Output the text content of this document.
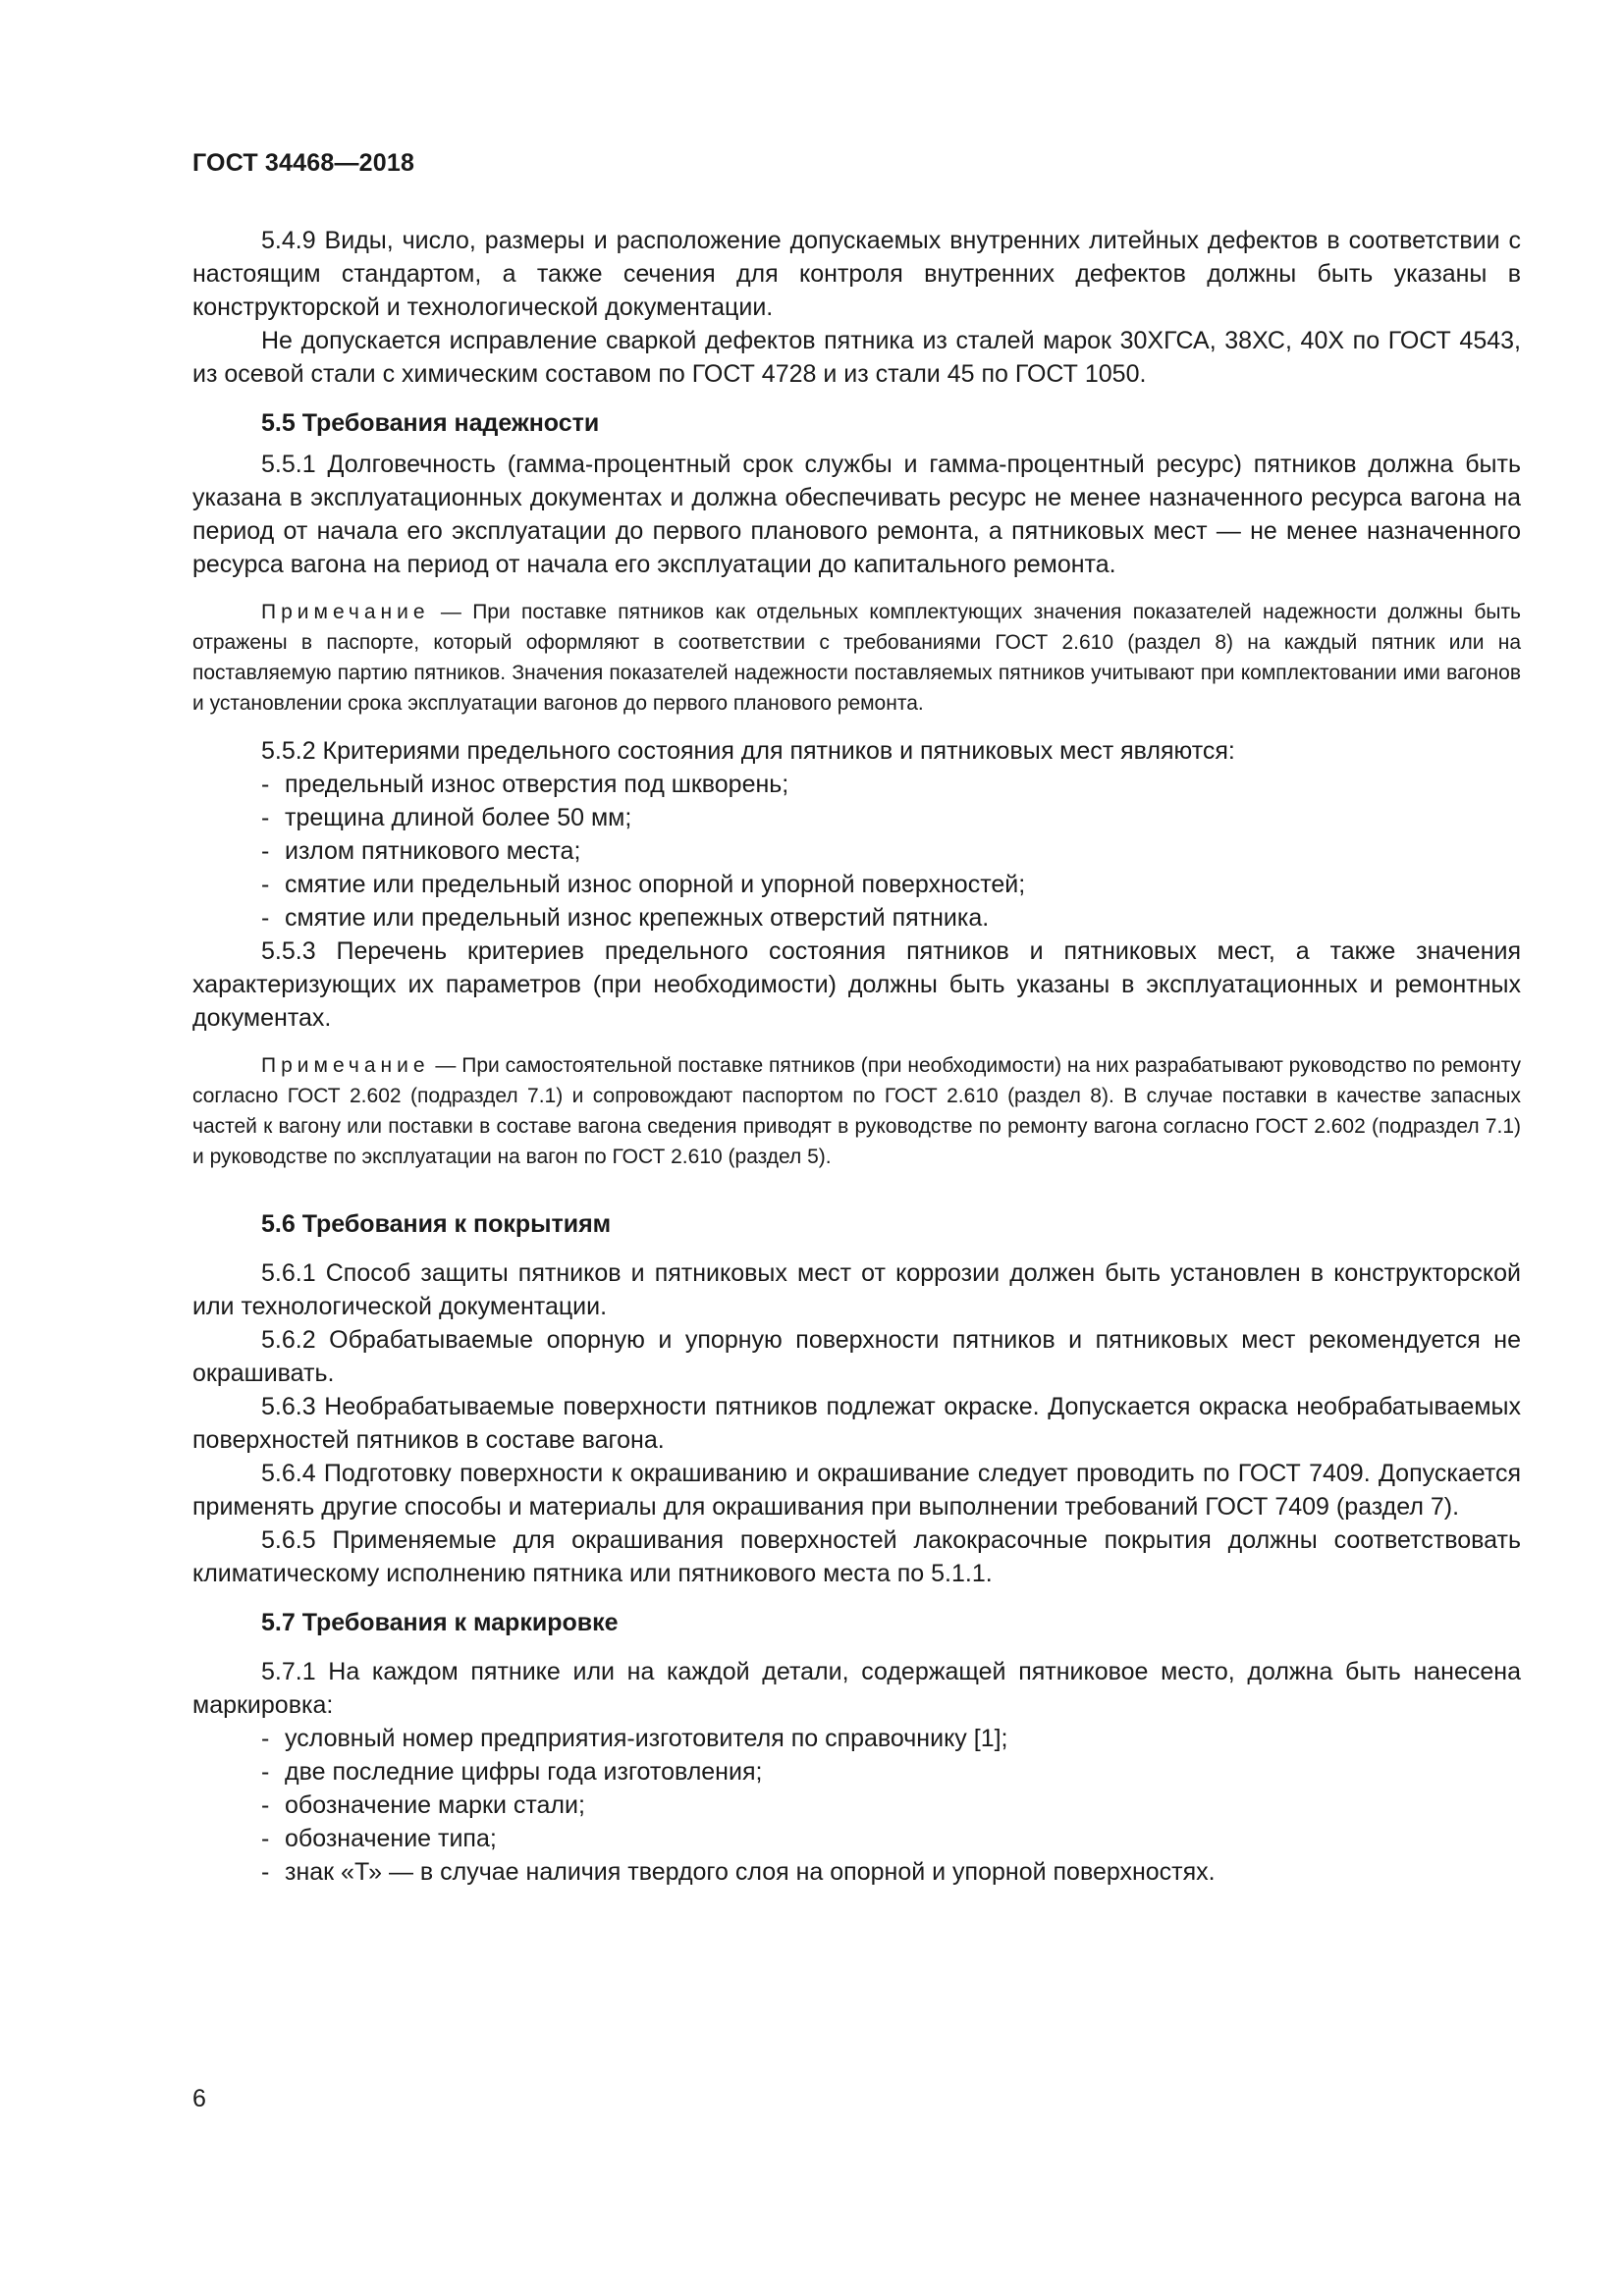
ГОСТ 34468—2018

5.4.9 Виды, число, размеры и расположение допускаемых внутренних литейных дефектов в соответствии с настоящим стандартом, а также сечения для контроля внутренних дефектов должны быть указаны в конструкторской и технологической документации.

Не допускается исправление сваркой дефектов пятника из сталей марок 30ХГСА, 38ХС, 40Х по ГОСТ 4543, из осевой стали с химическим составом по ГОСТ 4728 и из стали 45 по ГОСТ 1050.

5.5 Требования надежности

5.5.1 Долговечность (гамма-процентный срок службы и гамма-процентный ресурс) пятников должна быть указана в эксплуатационных документах и должна обеспечивать ресурс не менее назначенного ресурса вагона на период от начала его эксплуатации до первого планового ремонта, а пятниковых мест — не менее назначенного ресурса вагона на период от начала его эксплуатации до капитального ремонта.

Примечание — При поставке пятников как отдельных комплектующих значения показателей надежности должны быть отражены в паспорте, который оформляют в соответствии с требованиями ГОСТ 2.610 (раздел 8) на каждый пятник или на поставляемую партию пятников. Значения показателей надежности поставляемых пятников учитывают при комплектовании ими вагонов и установлении срока эксплуатации вагонов до первого планового ремонта.

5.5.2 Критериями предельного состояния для пятников и пятниковых мест являются:

- предельный износ отверстия под шкворень;
- трещина длиной более 50 мм;
- излом пятникового места;
- смятие или предельный износ опорной и упорной поверхностей;
- смятие или предельный износ крепежных отверстий пятника.

5.5.3 Перечень критериев предельного состояния пятников и пятниковых мест, а также значения характеризующих их параметров (при необходимости) должны быть указаны в эксплуатационных и ремонтных документах.

Примечание — При самостоятельной поставке пятников (при необходимости) на них разрабатывают руководство по ремонту согласно ГОСТ 2.602 (подраздел 7.1) и сопровождают паспортом по ГОСТ 2.610 (раздел 8). В случае поставки в качестве запасных частей к вагону или поставки в составе вагона сведения приводят в руководстве по ремонту вагона согласно ГОСТ 2.602 (подраздел 7.1) и руководстве по эксплуатации на вагон по ГОСТ 2.610 (раздел 5).

5.6 Требования к покрытиям

5.6.1 Способ защиты пятников и пятниковых мест от коррозии должен быть установлен в конструкторской или технологической документации.

5.6.2 Обрабатываемые опорную и упорную поверхности пятников и пятниковых мест рекомендуется не окрашивать.

5.6.3 Необрабатываемые поверхности пятников подлежат окраске. Допускается окраска необрабатываемых поверхностей пятников в составе вагона.

5.6.4 Подготовку поверхности к окрашиванию и окрашивание следует проводить по ГОСТ 7409. Допускается применять другие способы и материалы для окрашивания при выполнении требований ГОСТ 7409 (раздел 7).

5.6.5 Применяемые для окрашивания поверхностей лакокрасочные покрытия должны соответствовать климатическому исполнению пятника или пятникового места по 5.1.1.

5.7 Требования к маркировке

5.7.1 На каждом пятнике или на каждой детали, содержащей пятниковое место, должна быть нанесена маркировка:

- условный номер предприятия-изготовителя по справочнику [1];
- две последние цифры года изготовления;
- обозначение марки стали;
- обозначение типа;
- знак «Т» — в случае наличия твердого слоя на опорной и упорной поверхностях.
6
